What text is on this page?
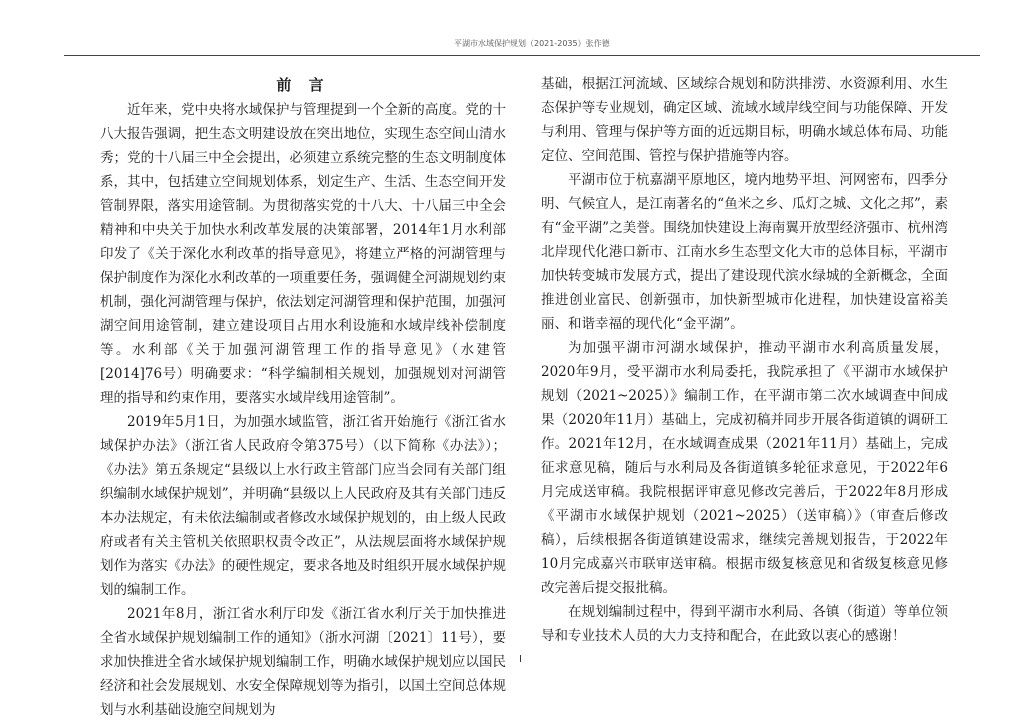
平湖市水域保护规划（2021-2035）张作德
前 言

近年来，党中央将水域保护与管理提到一个全新的高度。党的十八大报告强调，把生态文明建设放在突出地位，实现生态空间山清水秀；党的十八届三中全会提出，必须建立系统完整的生态文明制度体系，其中，包括建立空间规划体系，划定生产、生活、生态空间开发管制界限，落实用途管制。为贯彻落实党的十八大、十八届三中全会精神和中央关于加快水利改革发展的决策部署，2014年1月水利部印发了《关于深化水利改革的指导意见》，将建立严格的河湖管理与保护制度作为深化水利改革的一项重要任务，强调健全河湖规划约束机制，强化河湖管理与保护，依法划定河湖管理和保护范围，加强河湖空间用途管制，建立建设项目占用水利设施和水域岸线补偿制度等。水利部《关于加强河湖管理工作的指导意见》（水建管[2014]76号）明确要求：“科学编制相关规划，加强规划对河湖管理的指导和约束作用，要落实水域岸线用途管制”。

2019年5月1日，为加强水域监管，浙江省开始施行《浙江省水域保护办法》（浙江省人民政府令第375号）（以下简称《办法》）；《办法》第五条规定“县级以上水行政主管部门应当会同有关部门组织编制水域保护规划”，并明确“县级以上人民政府及其有关部门违反本办法规定，有未依法编制或者修改水域保护规划的，由上级人民政府或者有关主管机关依照职权责令改正”，从法规层面将水域保护规划作为落实《办法》的硬性规定，要求各地及时组织开展水域保护规划的编制工作。

2021年8月，浙江省水利厅印发《浙江省水利厅关于加快推进全省水域保护规划编制工作的通知》（浙水河湖〔2021〕11号），要求加快推进全省水域保护规划编制工作，明确水域保护规划应以国民经济和社会发展规划、水安全保障规划等为指引，以国土空间总体规划与水利基础设施空间规划为

基础，根据江河流域、区域综合规划和防洪排涝、水资源利用、水生态保护等专业规划，确定区域、流域水域岸线空间与功能保障、开发与利用、管理与保护等方面的近远期目标，明确水域总体布局、功能定位、空间范围、管控与保护措施等内容。

平湖市位于杭嘉湖平原地区，境内地势平坦、河网密布，四季分明、气候宜人，是江南著名的“鱼米之乡、瓜灯之城、文化之邦”，素有“金平湖”之美誉。围绕加快建设上海南翼开放型经济强市、杭州湾北岸现代化港口新市、江南水乡生态型文化大市的总体目标，平湖市加快转变城市发展方式，提出了建设现代滨水绿城的全新概念，全面推进创业富民、创新强市，加快新型城市化进程，加快建设富裕美丽、和谐幸福的现代化“金平湖”。

为加强平湖市河湖水域保护，推动平湖市水利高质量发展，2020年9月，受平湖市水利局委托，我院承担了《平湖市水域保护规划（2021~2025）》编制工作，在平湖市第二次水域调查中间成果（2020年11月）基础上，完成初稿并同步开展各街道镇的调研工作。2021年12月，在水域调查成果（2021年11月）基础上，完成征求意见稿，随后与水利局及各街道镇多轮征求意见，于2022年6月完成送审稿。我院根据评审意见修改完善后，于2022年8月形成《平湖市水域保护规划（2021~2025）（送审稿）》（审查后修改稿），后续根据各街道镇建设需求，继续完善规划报告，于2022年10月完成嘉兴市联审送审稿。根据市级复核意见和省级复核意见修改完善后提交报批稿。

在规划编制过程中，得到平湖市水利局、各镇（街道）等单位领导和专业技术人员的大力支持和配合，在此致以衷心的感谢！

I
